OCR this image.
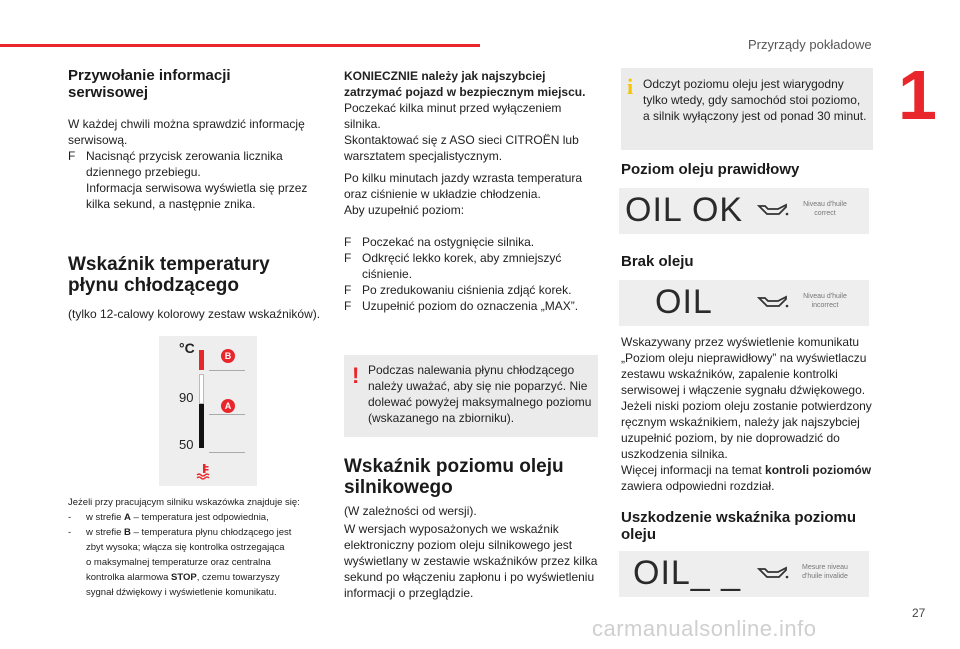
Przyrządy pokładowe
1
Przywołanie informacji
serwisowej
W każdej chwili można sprawdzić informację
serwisową.
F Nacisnąć przycisk zerowania licznika
dziennego przebiegu.
Informacja serwisowa wyświetla się przez
kilka sekund, a następnie znika.
Wskaźnik temperatury
płynu chłodzącego
(tylko 12-calowy kolorowy zestaw wskaźników).
°C
90
50
B
A
Jeżeli przy pracującym silniku wskazówka znajduje się:
- w strefie A – temperatura jest odpowiednia,
- w strefie B – temperatura płynu chłodzącego jest
zbyt wysoka; włącza się kontrolka ostrzegająca
o maksymalnej temperaturze oraz centralna
kontrolka alarmowa STOP, czemu towarzyszy
sygnał dźwiękowy i wyświetlenie komunikatu.
KONIECZNIE należy jak najszybciej
zatrzymać pojazd w bezpiecznym miejscu.
Poczekać kilka minut przed wyłączeniem
silnika.
Skontaktować się z ASO sieci CITROËN lub
warsztatem specjalistycznym.
Po kilku minutach jazdy wzrasta temperatura
oraz ciśnienie w układzie chłodzenia.
Aby uzupełnić poziom:
F Poczekać na ostygnięcie silnika.
F Odkręcić lekko korek, aby zmniejszyć
ciśnienie.
F Po zredukowaniu ciśnienia zdjąć korek.
F Uzupełnić poziom do oznaczenia „MAX”.
! Podczas nalewania płynu chłodzącego
należy uważać, aby się nie poparzyć. Nie
dolewać powyżej maksymalnego poziomu
(wskazanego na zbiorniku).
Wskaźnik poziomu oleju
silnikowego
(W zależności od wersji).
W wersjach wyposażonych we wskaźnik
elektroniczny poziom oleju silnikowego jest
wyświetlany w zestawie wskaźników przez kilka
sekund po włączeniu zapłonu i po wyświetleniu
informacji o przeglądzie.
i Odczyt poziomu oleju jest wiarygodny
tylko wtedy, gdy samochód stoi poziomo,
a silnik wyłączony jest od ponad 30 minut.
Poziom oleju prawidłowy
OIL OK	Niveau d'huile
correct
Brak oleju
OIL	Niveau d'huile
incorrect
Wskazywany przez wyświetlenie komunikatu
„Poziom oleju nieprawidłowy” na wyświetlaczu
zestawu wskaźników, zapalenie kontrolki
serwisowej i włączenie sygnału dźwiękowego.
Jeżeli niski poziom oleju zostanie potwierdzony
ręcznym wskaźnikiem, należy jak najszybciej
uzupełnić poziom, by nie doprowadzić do
uszkodzenia silnika.
Więcej informacji na temat kontroli poziomów
zawiera odpowiedni rozdział.
Uszkodzenie wskaźnika poziomu
oleju
OIL_ _	Mesure niveau
d'huile invalide
27
carmanualsonline.info
